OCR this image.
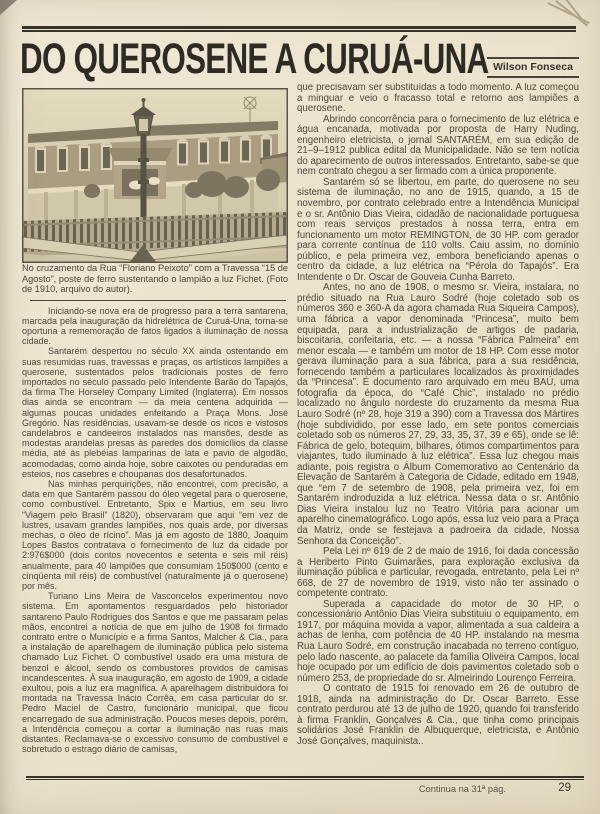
DO QUEROSENE A CURUÁ-UNA Wilson Fonseca

No cruzamento da Rua “Floriano Peixoto” com a Travessa “15 de Agosto”, poste de ferro sustentando o lampião a luz Fichet. (Foto de 1910, arquivo do autor).

Iniciando-se nova era de progresso para a terra santarena, marcada pela inauguração da hidrelétrica de Curuá-Una, torna-se oportuna a rememoração de fatos ligados à iluminação de nossa cidade.

Santarém despertou no século XX ainda ostentando em suas resumidas ruas, travessas e praças, os artísticos lampiões a querosene, sustentados pelos tradicionais postes de ferro importados no século passado pelo Intendente Barão do Tapajós, da firma The Horseley Company Limited (Inglaterra). Em nossos dias ainda se encontram — da meia centena adquirida — algumas poucas unidades enfeitando a Praça Mons. José Gregório. Nas residências, usavam-se desde os ricos e vistosos candelabros e candeeiros instalados nas mansões, desde as modestas arandelas presas às paredes dos domicílios da classe média, até às plebéias lamparinas de lata e pavio de algodão, acomodadas, como ainda hoje, sobre caixotes ou penduradas em esteios, nos casebres e choupanas dos desafortunados.

Nas minhas perquirições, não encontrei, com precisão, a data em que Santarém passou do óleo vegetal para o querosene, como combustível. Entretanto, Spix e Martius, em seu livro “Viagem pelo Brasil” (1820), observaram que aqui “em vez de lustres, usavam grandes lampiões, nos quais arde, por diversas mechas, o óleo de rícino”. Mas já em agosto de 1880, Joaquim Lopes Bastos contratava o fornecimento de luz da cidade por 2:976$000 (dois contos novecentos e setenta e seis mil réis) anualmente, para 40 lampiões que consumiam 150$000 (cento e cinqüenta mil réis) de combustível (naturalmente já o querosene) por mês.

Turiano Lins Meira de Vasconcelos experimentou novo sistema. Em apontamentos resguardados pelo historiador santareno Paulo Rodrigues dos Santos e que me passaram pelas mãos, encontrei a notícia de que em julho de 1908 foi firmado contrato entre o Município e a firma Santos, Malcher & Cia., para a instalação de aparelhagem de iluminação pública pelo sistema chamado Luz Fichet. O combustível usado era uma mistura de benzol e álcool, sendo os combustores providos de camisas incandescentes. À sua inauguração, em agosto de 1909, a cidade exultou, pois a luz era magnífica. A aparelhagem distribuidora foi montada na Travessa Inácio Corrêa, em casa particular do sr. Pedro Maciel de Castro, funcionário municipal, que ficou encarregado de sua administração. Poucos meses depois, porém, a Intendência começou a cortar a iluminação nas ruas mais distantes. Reclamava-se o excessivo consumo de combustível e sobretudo o estrago diário de camisas,

que precisavam ser substituídas a todo momento. A luz começou a minguar e veio o fracasso total e retorno aos lampiões a querosene.

Abrindo concorrência para o fornecimento de luz elétrica e água encanada, motivada por proposta de Harry Nuding, engenheiro eletricista, o jornal SANTARÉM, em sua edição de 21–9–1912 publica edital da Municipalidade. Não se tem notícia do aparecimento de outros interessados. Entretanto, sabe-se que nem contrato chegou a ser firmado com a única proponente.

Santarém só se libertou, em parte, do querosene no seu sistema de iluminação, no ano de 1915, quando, a 15 de novembro, por contrato celebrado entre a Intendência Municipal e o sr. Antônio Dias Vieira, cidadão de nacionalidade portuguesa com reais serviços prestados à nossa terra, entra em funcionamento um motor REMINGTON, de 30 HP. com gerador para corrente contínua de 110 volts. Caiu assim, no domínio público, e pela primeira vez, embora beneficiando apenas o centro da cidade, a luz elétrica na “Pérola do Tapajós”. Era Intendente o Dr. Oscar de Gouveia Cunha Barreto.

Antes, no ano de 1908, o mesmo sr. Vieira, instalara, no prédio situado na Rua Lauro Sodré (hoje coletado sob os números 360 e 360-A da agora chamada Rua Siqueira Campos), uma fábrica a vapor denominada “Princesa”, muito bem equipada, para a industrialização de artigos de padaria, biscoitaria, confeitaria, etc. — a nossa “Fábrica Palmeira” em menor escala — e também um motor de 18 HP. Com esse motor gerava iluminação para a sua fábrica, para a sua residência, fornecendo também a particulares localizados às proximidades da “Princesa”. É documento raro arquivado em meu BAÚ, uma fotografia da época, do “Café Chic”, instalado no prédio localizado no ângulo nordeste do cruzamento da mesma Rua Lauro Sodré (nº 28, hoje 319 a 390) com a Travessa dos Mártires (hoje subdividido, por esse lado, em sete pontos comerciais coletado sob os números 27, 29, 33, 35, 37, 39 e 65), onde se lê: Fábrica de gelo, botequim, bilhares, ótimos compartimentos para viajantes, tudo iluminado à luz elétrica”. Essa luz chegou mais adiante, pois registra o Álbum Comemorativo ao Centenário da Elevação de Santarém à Categoria de Cidade, editado em 1948, que “em 7 de setembro de 1908, pela primeira vez, foi em Santarém indroduzida a luz elétrica. Nessa data o sr. Antônio Dias Vieira instalou luz no Teatro Vitória para acionar um aparelho cinematográfico. Logo após, essa luz veio para a Praça da Matriz, onde se festejava a padroeira da cidade, Nossa Senhora da Conceição”.

Pela Lei nº 619 de 2 de maio de 1916, foi dada concessão a Heriberto Pinto Guimarães, para exploração exclusiva da iluminação pública e particular, revogada, entretanto, pela Lei nº 668, de 27 de novembro de 1919, visto não ter assinado o competente contrato.

Superada a capacidade do motor de 30 HP, o concessionário Antônio Dias Vieira substituiu o equipamento, em 1917, por máquina movida a vapor, alimentada a sua caldeira a achas de lenha, com potência de 40 HP. instalando na mesma Rua Lauro Sodré, em construção inacabada no terreno contíguo, pelo lado nascente, ao palacete da família Oliveira Campos, local hoje ocupado por um edifício de dois pavimentos coletado sob o número 253, de propriedade do sr. Almeirindo Lourenço Ferreira.

O contrato de 1915 foi renovado em 26 de outubro de 1918, ainda na administração do Dr. Oscar Barreto. Esse contrato perdurou até 13 de julho de 1920, quando foi transferido à firma Franklin, Gonçalves & Cia., que tinha como principais solidários José Franklin de Albuquerque, eletricista, e Antônio José Gonçalves, maquinista..

Continua na 31ª pág.	29
